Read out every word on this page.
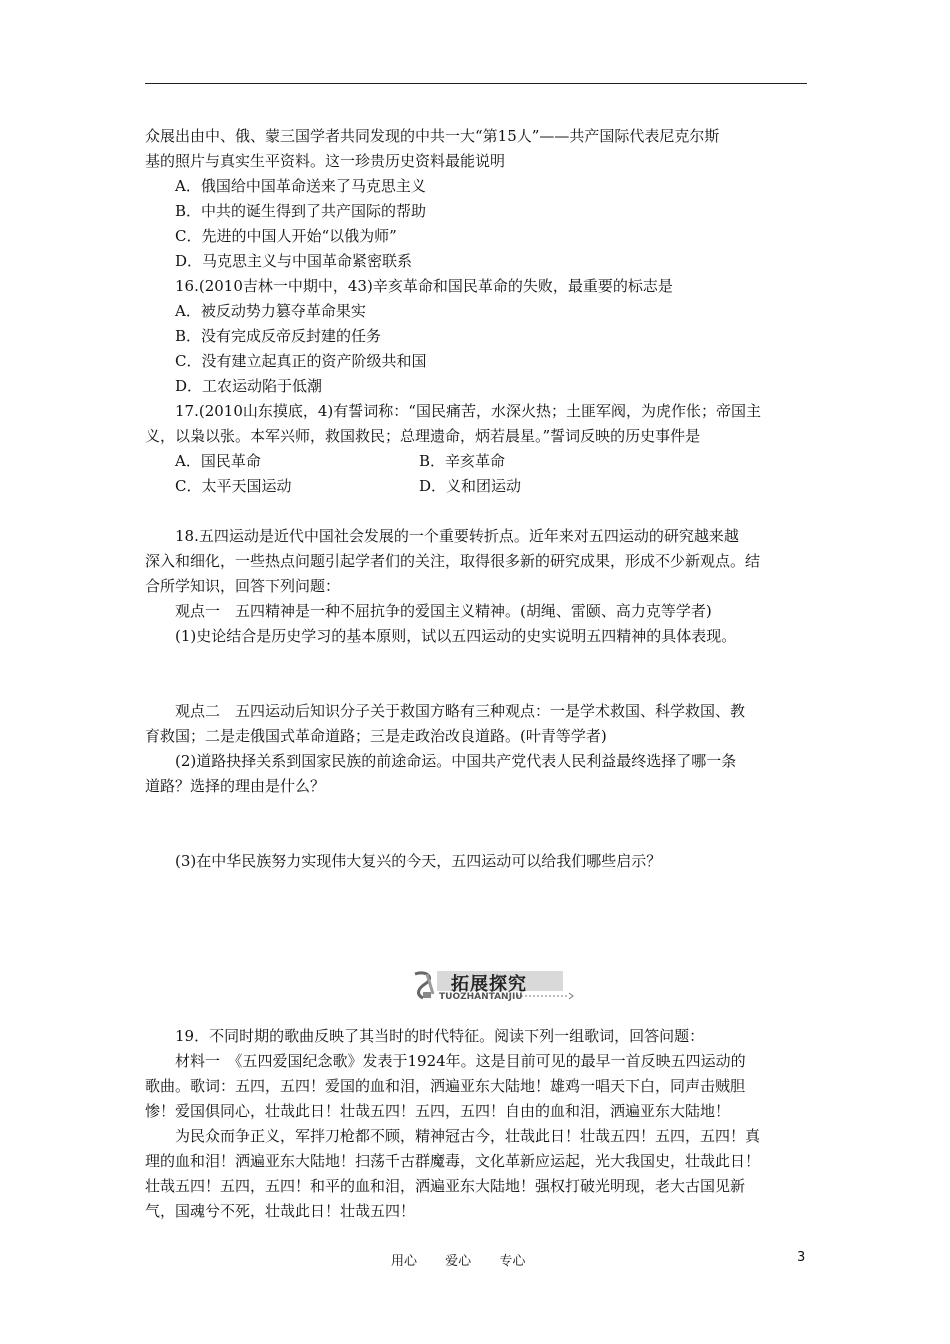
众展出由中、俄、蒙三国学者共同发现的中共一大“第15人”——共产国际代表尼克尔斯

基的照片与真实生平资料。这一珍贵历史资料最能说明

A．俄国给中国革命送来了马克思主义

B．中共的诞生得到了共产国际的帮助

C．先进的中国人开始“以俄为师”

D．马克思主义与中国革命紧密联系

16.(2010吉林一中期中，43)辛亥革命和国民革命的失败，最重要的标志是

A．被反动势力篡夺革命果实

B．没有完成反帝反封建的任务

C．没有建立起真正的资产阶级共和国

D．工农运动陷于低潮

17.(2010山东摸底，4)有誓词称：“国民痛苦，水深火热；土匪军阀，为虎作伥；帝国主

义，以枭以张。本军兴师，救国救民；总理遗命，炳若晨星。”誓词反映的历史事件是

A．国民革命	B．辛亥革命
C．太平天国运动	D．义和团运动

18.五四运动是近代中国社会发展的一个重要转折点。近年来对五四运动的研究越来越

深入和细化，一些热点问题引起学者们的关注，取得很多新的研究成果，形成不少新观点。结

合所学知识，回答下列问题：

观点一　五四精神是一种不屈抗争的爱国主义精神。(胡绳、雷颐、高力克等学者)

(1)史论结合是历史学习的基本原则，试以五四运动的史实说明五四精神的具体表现。

观点二　五四运动后知识分子关于救国方略有三种观点：一是学术救国、科学救国、教

育救国；二是走俄国式革命道路；三是走政治改良道路。(叶青等学者)

(2)道路抉择关系到国家民族的前途命运。中国共产党代表人民利益最终选择了哪一条

道路？选择的理由是什么？

(3)在中华民族努力实现伟大复兴的今天，五四运动可以给我们哪些启示？

拓展探究
TUOZHANTANJIU

19．不同时期的歌曲反映了其当时的时代特征。阅读下列一组歌词，回答问题：

材料一　《五四爱国纪念歌》发表于1924年。这是目前可见的最早一首反映五四运动的

歌曲。歌词：五四，五四！爱国的血和泪，洒遍亚东大陆地！雄鸡一唱天下白，同声击贼胆

惨！爱国俱同心，壮哉此日！壮哉五四！五四，五四！自由的血和泪，洒遍亚东大陆地！

为民众而争正义，军拌刀枪都不顾，精神冠古今，壮哉此日！壮哉五四！五四，五四！真

理的血和泪！洒遍亚东大陆地！扫荡千古群魔毒，文化革新应运起，光大我国史，壮哉此日！

壮哉五四！五四，五四！和平的血和泪，洒遍亚东大陆地！强权打破光明现，老大古国见新

气，国魂兮不死，壮哉此日！壮哉五四！

用心 爱心 专心	3
